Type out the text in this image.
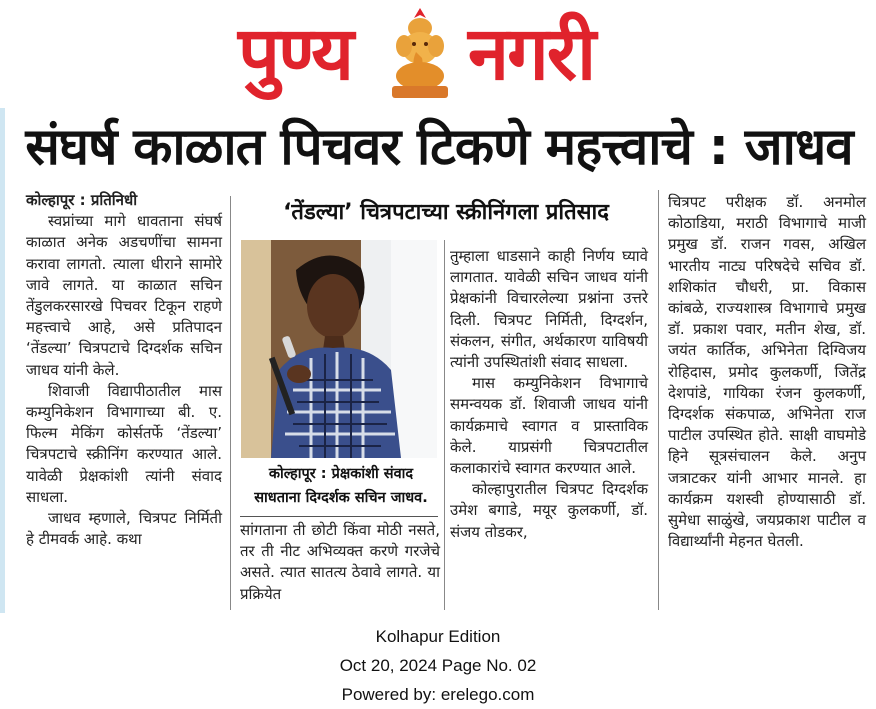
पुण्य नगरी
संघर्ष काळात पिचवर टिकणे महत्त्वाचे : जाधव

कोल्हापूर : प्रतिनिधी

स्वप्नांच्या मागे धावताना संघर्ष काळात अनेक अडचणींचा सामना करावा लागतो. त्याला धीराने सामोरे जावे लागते. या काळात सचिन तेंडुलकरसारखे पिचवर टिकून राहणे महत्त्वाचे आहे, असे प्रतिपादन ‘तेंडल्या’ चित्रपटाचे दिग्दर्शक सचिन जाधव यांनी केले.

शिवाजी विद्यापीठातील मास कम्युनिकेशन विभागाच्या बी. ए. फिल्म मेकिंग कोर्सतर्फे ‘तेंडल्या’ चित्रपटाचे स्क्रीनिंग करण्यात आले. यावेळी प्रेक्षकांशी त्यांनी संवाद साधला.

जाधव म्हणाले, चित्रपट निर्मिती हे टीमवर्क आहे. कथा

‘तेंडल्या’ चित्रपटाच्या स्क्रीनिंगला प्रतिसाद
कोल्हापूर : प्रेक्षकांशी संवाद
साधताना दिग्दर्शक सचिन जाधव.

सांगताना ती छोटी किंवा मोठी नसते, तर ती नीट अभिव्यक्त करणे गरजेचे असते. त्यात सातत्य ठेवावे लागते. या प्रक्रियेत

तुम्हाला धाडसाने काही निर्णय घ्यावे लागतात. यावेळी सचिन जाधव यांनी प्रेक्षकांनी विचारलेल्या प्रश्नांना उत्तरे दिली. चित्रपट निर्मिती, दिग्दर्शन, संकलन, संगीत, अर्थकारण याविषयी त्यांनी उपस्थितांशी संवाद साधला.

मास कम्युनिकेशन विभागाचे समन्वयक डॉ. शिवाजी जाधव यांनी कार्यक्रमाचे स्वागत व प्रास्ताविक केले. याप्रसंगी चित्रपटातील कलाकारांचे स्वागत करण्यात आले.

कोल्हापुरातील चित्रपट दिग्दर्शक उमेश बगाडे, मयूर कुलकर्णी, डॉ. संजय तोडकर,

चित्रपट परीक्षक डॉ. अनमोल कोठाडिया, मराठी विभागाचे माजी प्रमुख डॉ. राजन गवस, अखिल भारतीय नाट्य परिषदेचे सचिव डॉ. शशिकांत चौधरी, प्रा. विकास कांबळे, राज्यशास्त्र विभागाचे प्रमुख डॉ. प्रकाश पवार, मतीन शेख, डॉ. जयंत कार्तिक, अभिनेता दिग्विजय रोहिदास, प्रमोद कुलकर्णी, जितेंद्र देशपांडे, गायिका रंजन कुलकर्णी, दिग्दर्शक संकपाळ, अभिनेता राज पाटील उपस्थित होते. साक्षी वाघमोडे हिने सूत्रसंचालन केले. अनुप जत्राटकर यांनी आभार मानले. हा कार्यक्रम यशस्वी होण्यासाठी डॉ. सुमेधा साळुंखे, जयप्रकाश पाटील व विद्यार्थ्यांनी मेहनत घेतली.

Kolhapur Edition
Oct 20, 2024 Page No. 02
Powered by: erelego.com
